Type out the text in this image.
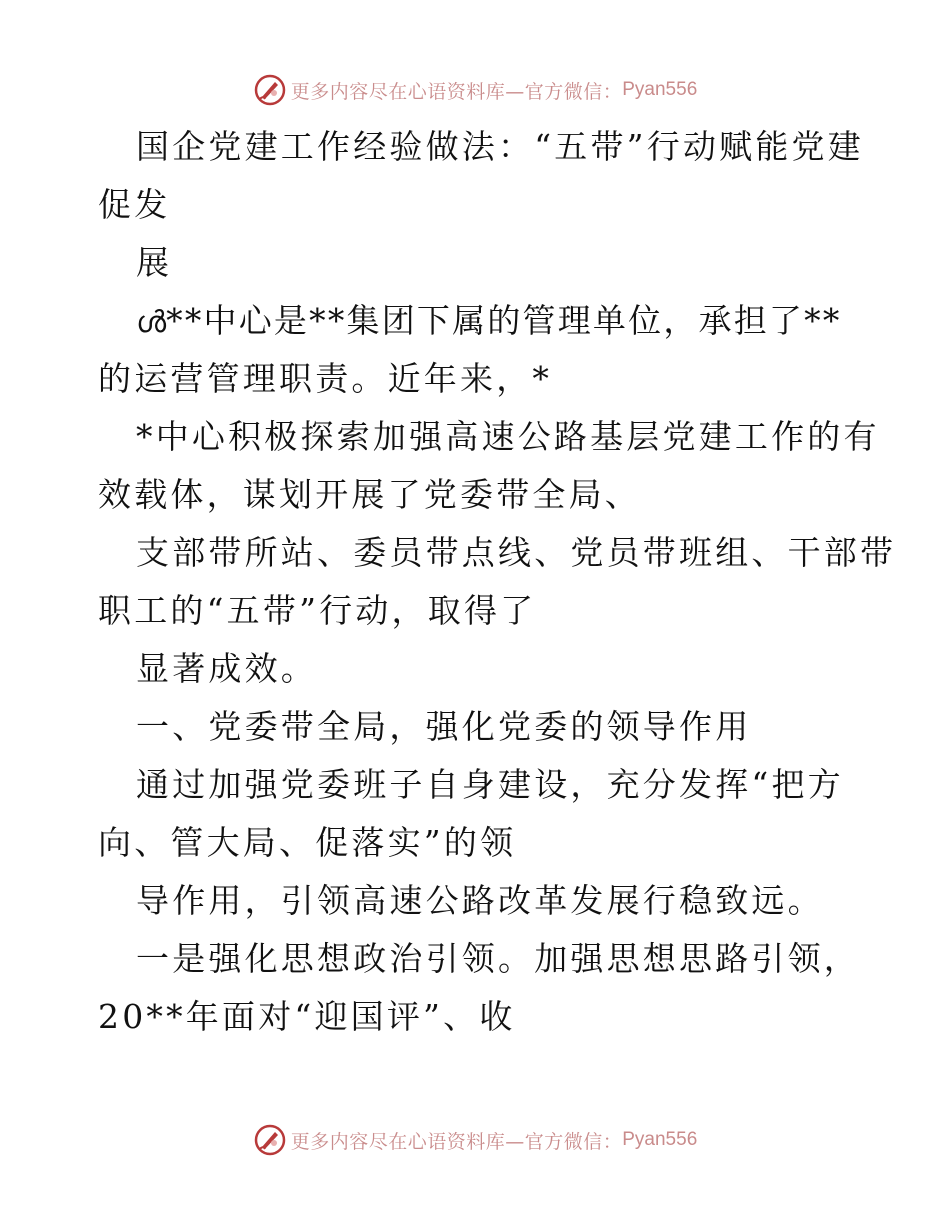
更多内容尽在心语资料库—官方微信： Pyan556
国企党建工作经验做法：“五带”行动赋能党建
促发
展
ൾ**中心是**集团下属的管理单位，承担了**
的运营管理职责。近年来，*
*中心积极探索加强高速公路基层党建工作的有
效载体，谋划开展了党委带全局、
支部带所站、委员带点线、党员带班组、干部带
职工的“五带”行动，取得了
显著成效。
一、党委带全局，强化党委的领导作用
通过加强党委班子自身建设，充分发挥“把方
向、管大局、促落实”的领
导作用，引领高速公路改革发展行稳致远。
一是强化思想政治引领。加强思想思路引领，
20**年面对“迎国评”、收
更多内容尽在心语资料库—官方微信： Pyan556
